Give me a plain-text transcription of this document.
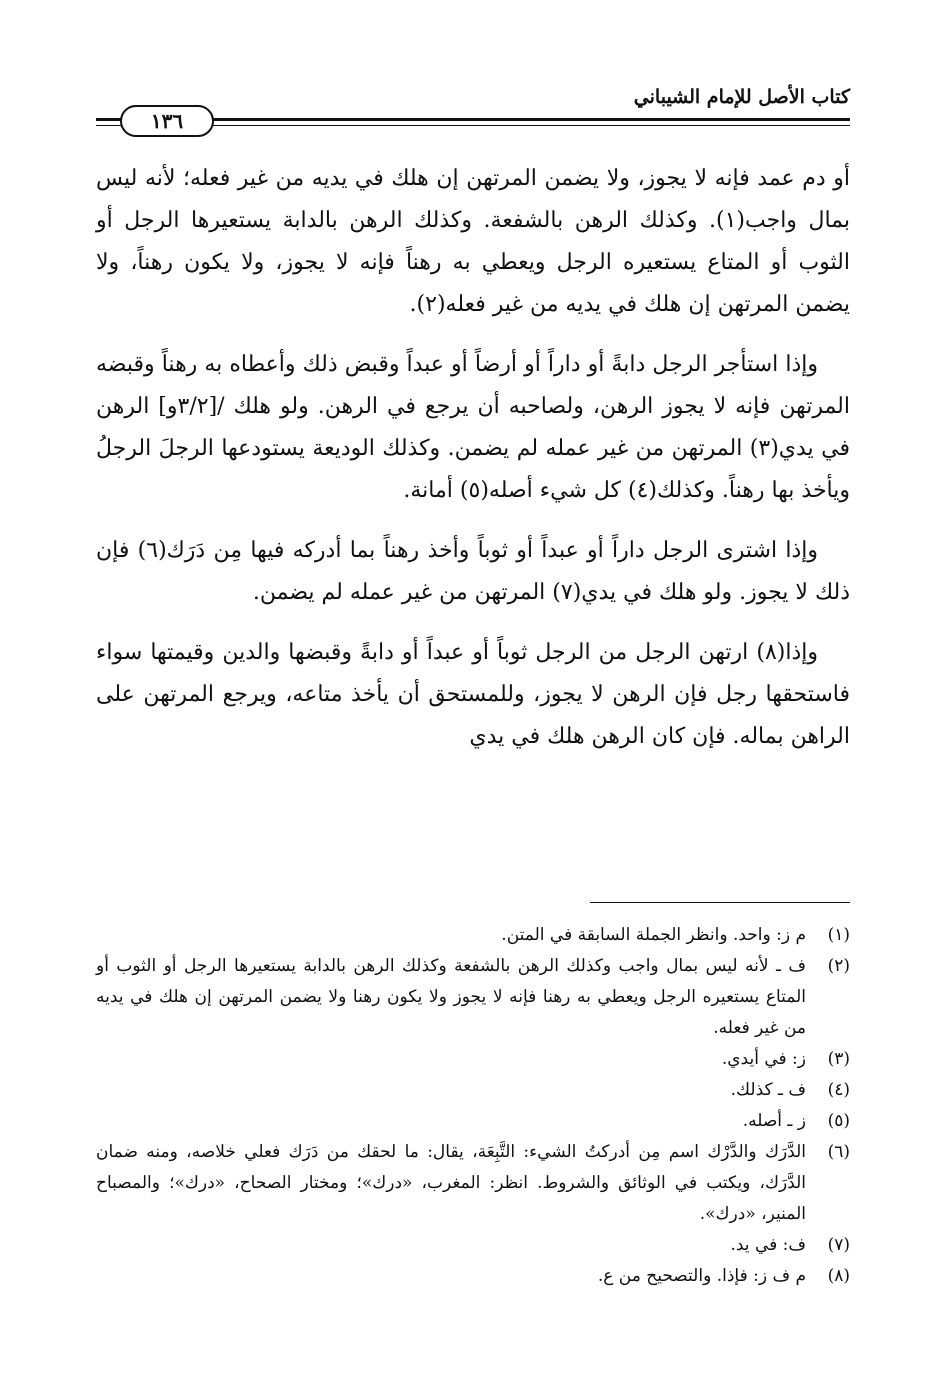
كتاب الأصل للإمام الشيباني
١٣٦

أو دم عمد فإنه لا يجوز، ولا يضمن المرتهن إن هلك في يديه من غير فعله؛ لأنه ليس بمال واجب(١). وكذلك الرهن بالشفعة. وكذلك الرهن بالدابة يستعيرها الرجل أو الثوب أو المتاع يستعيره الرجل ويعطي به رهناً فإنه لا يجوز، ولا يكون رهناً، ولا يضمن المرتهن إن هلك في يديه من غير فعله(٢).

وإذا استأجر الرجل دابةً أو داراً أو أرضاً أو عبداً وقبض ذلك وأعطاه به رهناً وقبضه المرتهن فإنه لا يجوز الرهن، ولصاحبه أن يرجع في الرهن. ولو هلك /[٣/٢و] الرهن في يدي(٣) المرتهن من غير عمله لم يضمن. وكذلك الوديعة يستودعها الرجلَ الرجلُ ويأخذ بها رهناً. وكذلك(٤) كل شيء أصله(٥) أمانة.

وإذا اشترى الرجل داراً أو عبداً أو ثوباً وأخذ رهناً بما أدركه فيها مِن دَرَك(٦) فإن ذلك لا يجوز. ولو هلك في يدي(٧) المرتهن من غير عمله لم يضمن.

وإذا(٨) ارتهن الرجل من الرجل ثوباً أو عبداً أو دابةً وقبضها والدين وقيمتها سواء فاستحقها رجل فإن الرهن لا يجوز، وللمستحق أن يأخذ متاعه، ويرجع المرتهن على الراهن بماله. فإن كان الرهن هلك في يدي

(١)
م ز: واحد. وانظر الجملة السابقة في المتن.
(٢)
ف ـ لأنه ليس بمال واجب وكذلك الرهن بالشفعة وكذلك الرهن بالدابة يستعيرها الرجل أو الثوب أو المتاع يستعيره الرجل ويعطي به رهنا فإنه لا يجوز ولا يكون رهنا ولا يضمن المرتهن إن هلك في يديه من غير فعله.
(٣)
ز: في أيدي.
(٤)
ف ـ كذلك.
(٥)
ز ـ أصله.
(٦)
الدَّرَك والدَّرْك اسم مِن أدركتُ الشيء: التَّبِعَة، يقال: ما لحقك من دَرَك فعلي خلاصه، ومنه ضمان الدَّرَك، ويكتب في الوثائق والشروط. انظر: المغرب، «درك»؛ ومختار الصحاح، «درك»؛ والمصباح المنير، «درك».
(٧)
ف: في يد.
(٨)
م ف ز: فإذا. والتصحيح من ع.
